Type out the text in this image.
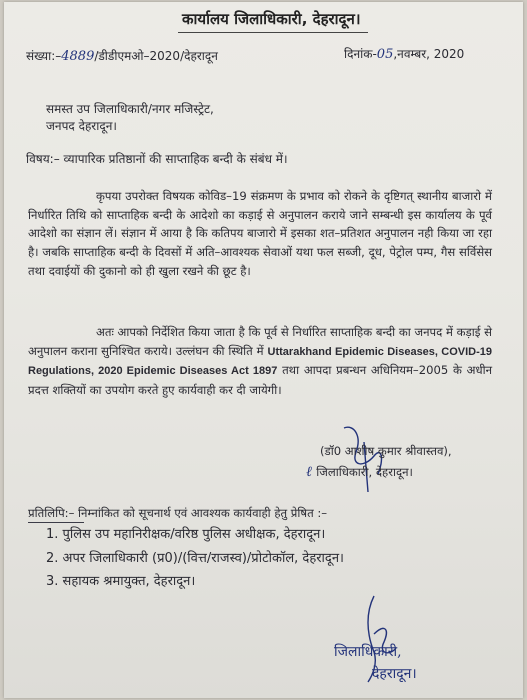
कार्यालय जिलाधिकारी, देहरादून।
संख्या:–4889/डीडीएमओ–2020/देहरादून	दिनांक-05,नवम्बर, 2020
समस्त उप जिलाधिकारी/नगर मजिस्ट्रेट,
जनपद देहरादून।
विषय:– व्यापारिक प्रतिष्ठानों की साप्ताहिक बन्दी के संबंध में।
कृपया उपरोक्त विषयक कोविड–19 संक्रमण के प्रभाव को रोकने के दृष्टिगत् स्थानीय बाजारो में निर्धारित तिथि को साप्ताहिक बन्दी के आदेशो का कड़ाई से अनुपालन कराये जाने सम्बन्धी इस कार्यालय के पूर्व आदेशो का संज्ञान लें। संज्ञान में आया है कि कतिपय बाजारो में इसका शत–प्रतिशत अनुपालन नही किया जा रहा है। जबकि साप्ताहिक बन्दी के दिवसों में अति–आवश्यक सेवाओं यथा फल सब्जी, दूध, पेट्रोल पम्प, गैस सर्विसेस तथा दवाईयों की दुकानो को ही खुला रखने की छूट है।
अतः आपको निर्देशित किया जाता है कि पूर्व से निर्धारित साप्ताहिक बन्दी का जनपद में कड़ाई से अनुपालन कराना सुनिश्चित कराये। उल्लंघन की स्थिति में Uttarakhand Epidemic Diseases, COVID-19 Regulations, 2020 Epidemic Diseases Act 1897 तथा आपदा प्रबन्धन अधिनियम–2005 के अधीन प्रदत्त शक्तियों का उपयोग करते हुए कार्यवाही कर दी जायेगी।
(डॉ0 आशीष कुमार श्रीवास्तव),
ℓ जिलाधिकारी, देहरादून।
प्रतिलिपि:– निम्नांकित को सूचनार्थ एवं आवश्यक कार्यवाही हेतु प्रेषित :–
1. पुलिस उप महानिरीक्षक/वरिष्ठ पुलिस अधीक्षक, देहरादून।
2. अपर जिलाधिकारी (प्र0)/(वित्त/राजस्व)/प्रोटोकॉल, देहरादून।
3. सहायक श्रमायुक्त, देहरादून।
जिलाधिकारी,
देहरादून।
